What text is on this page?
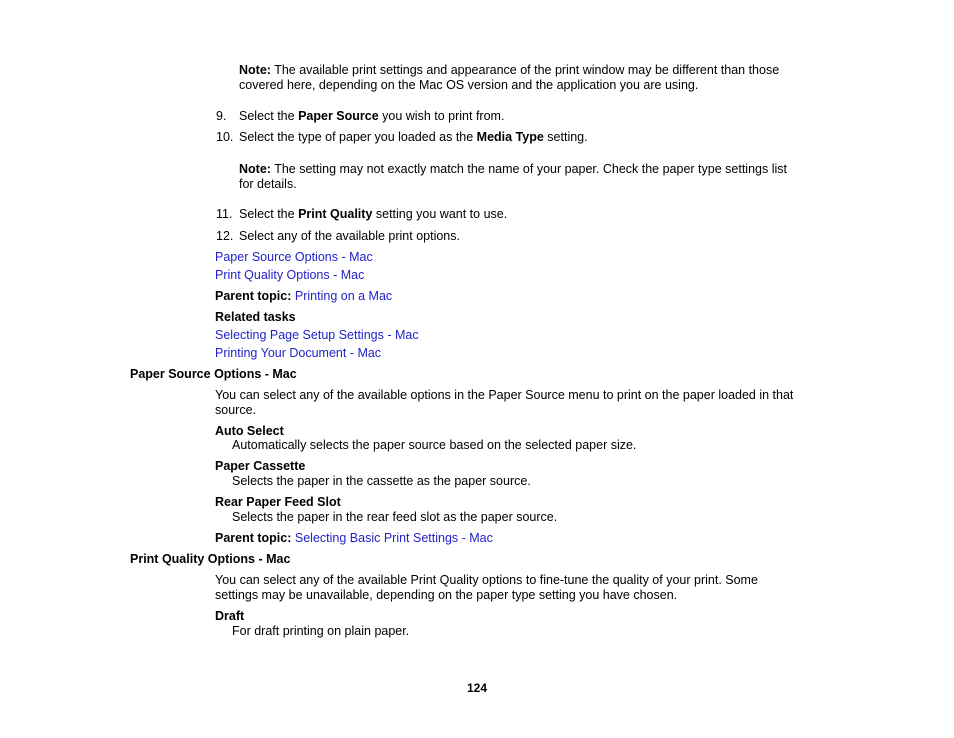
Note: The available print settings and appearance of the print window may be different than those
covered here, depending on the Mac OS version and the application you are using.
9. Select the Paper Source you wish to print from.
10. Select the type of paper you loaded as the Media Type setting.
Note: The setting may not exactly match the name of your paper. Check the paper type settings list
for details.
11. Select the Print Quality setting you want to use.
12. Select any of the available print options.
Paper Source Options - Mac
Print Quality Options - Mac
Parent topic: Printing on a Mac
Related tasks
Selecting Page Setup Settings - Mac
Printing Your Document - Mac
Paper Source Options - Mac
You can select any of the available options in the Paper Source menu to print on the paper loaded in that
source.
Auto Select
Automatically selects the paper source based on the selected paper size.
Paper Cassette
Selects the paper in the cassette as the paper source.
Rear Paper Feed Slot
Selects the paper in the rear feed slot as the paper source.
Parent topic: Selecting Basic Print Settings - Mac
Print Quality Options - Mac
You can select any of the available Print Quality options to fine-tune the quality of your print. Some
settings may be unavailable, depending on the paper type setting you have chosen.
Draft
For draft printing on plain paper.
124
